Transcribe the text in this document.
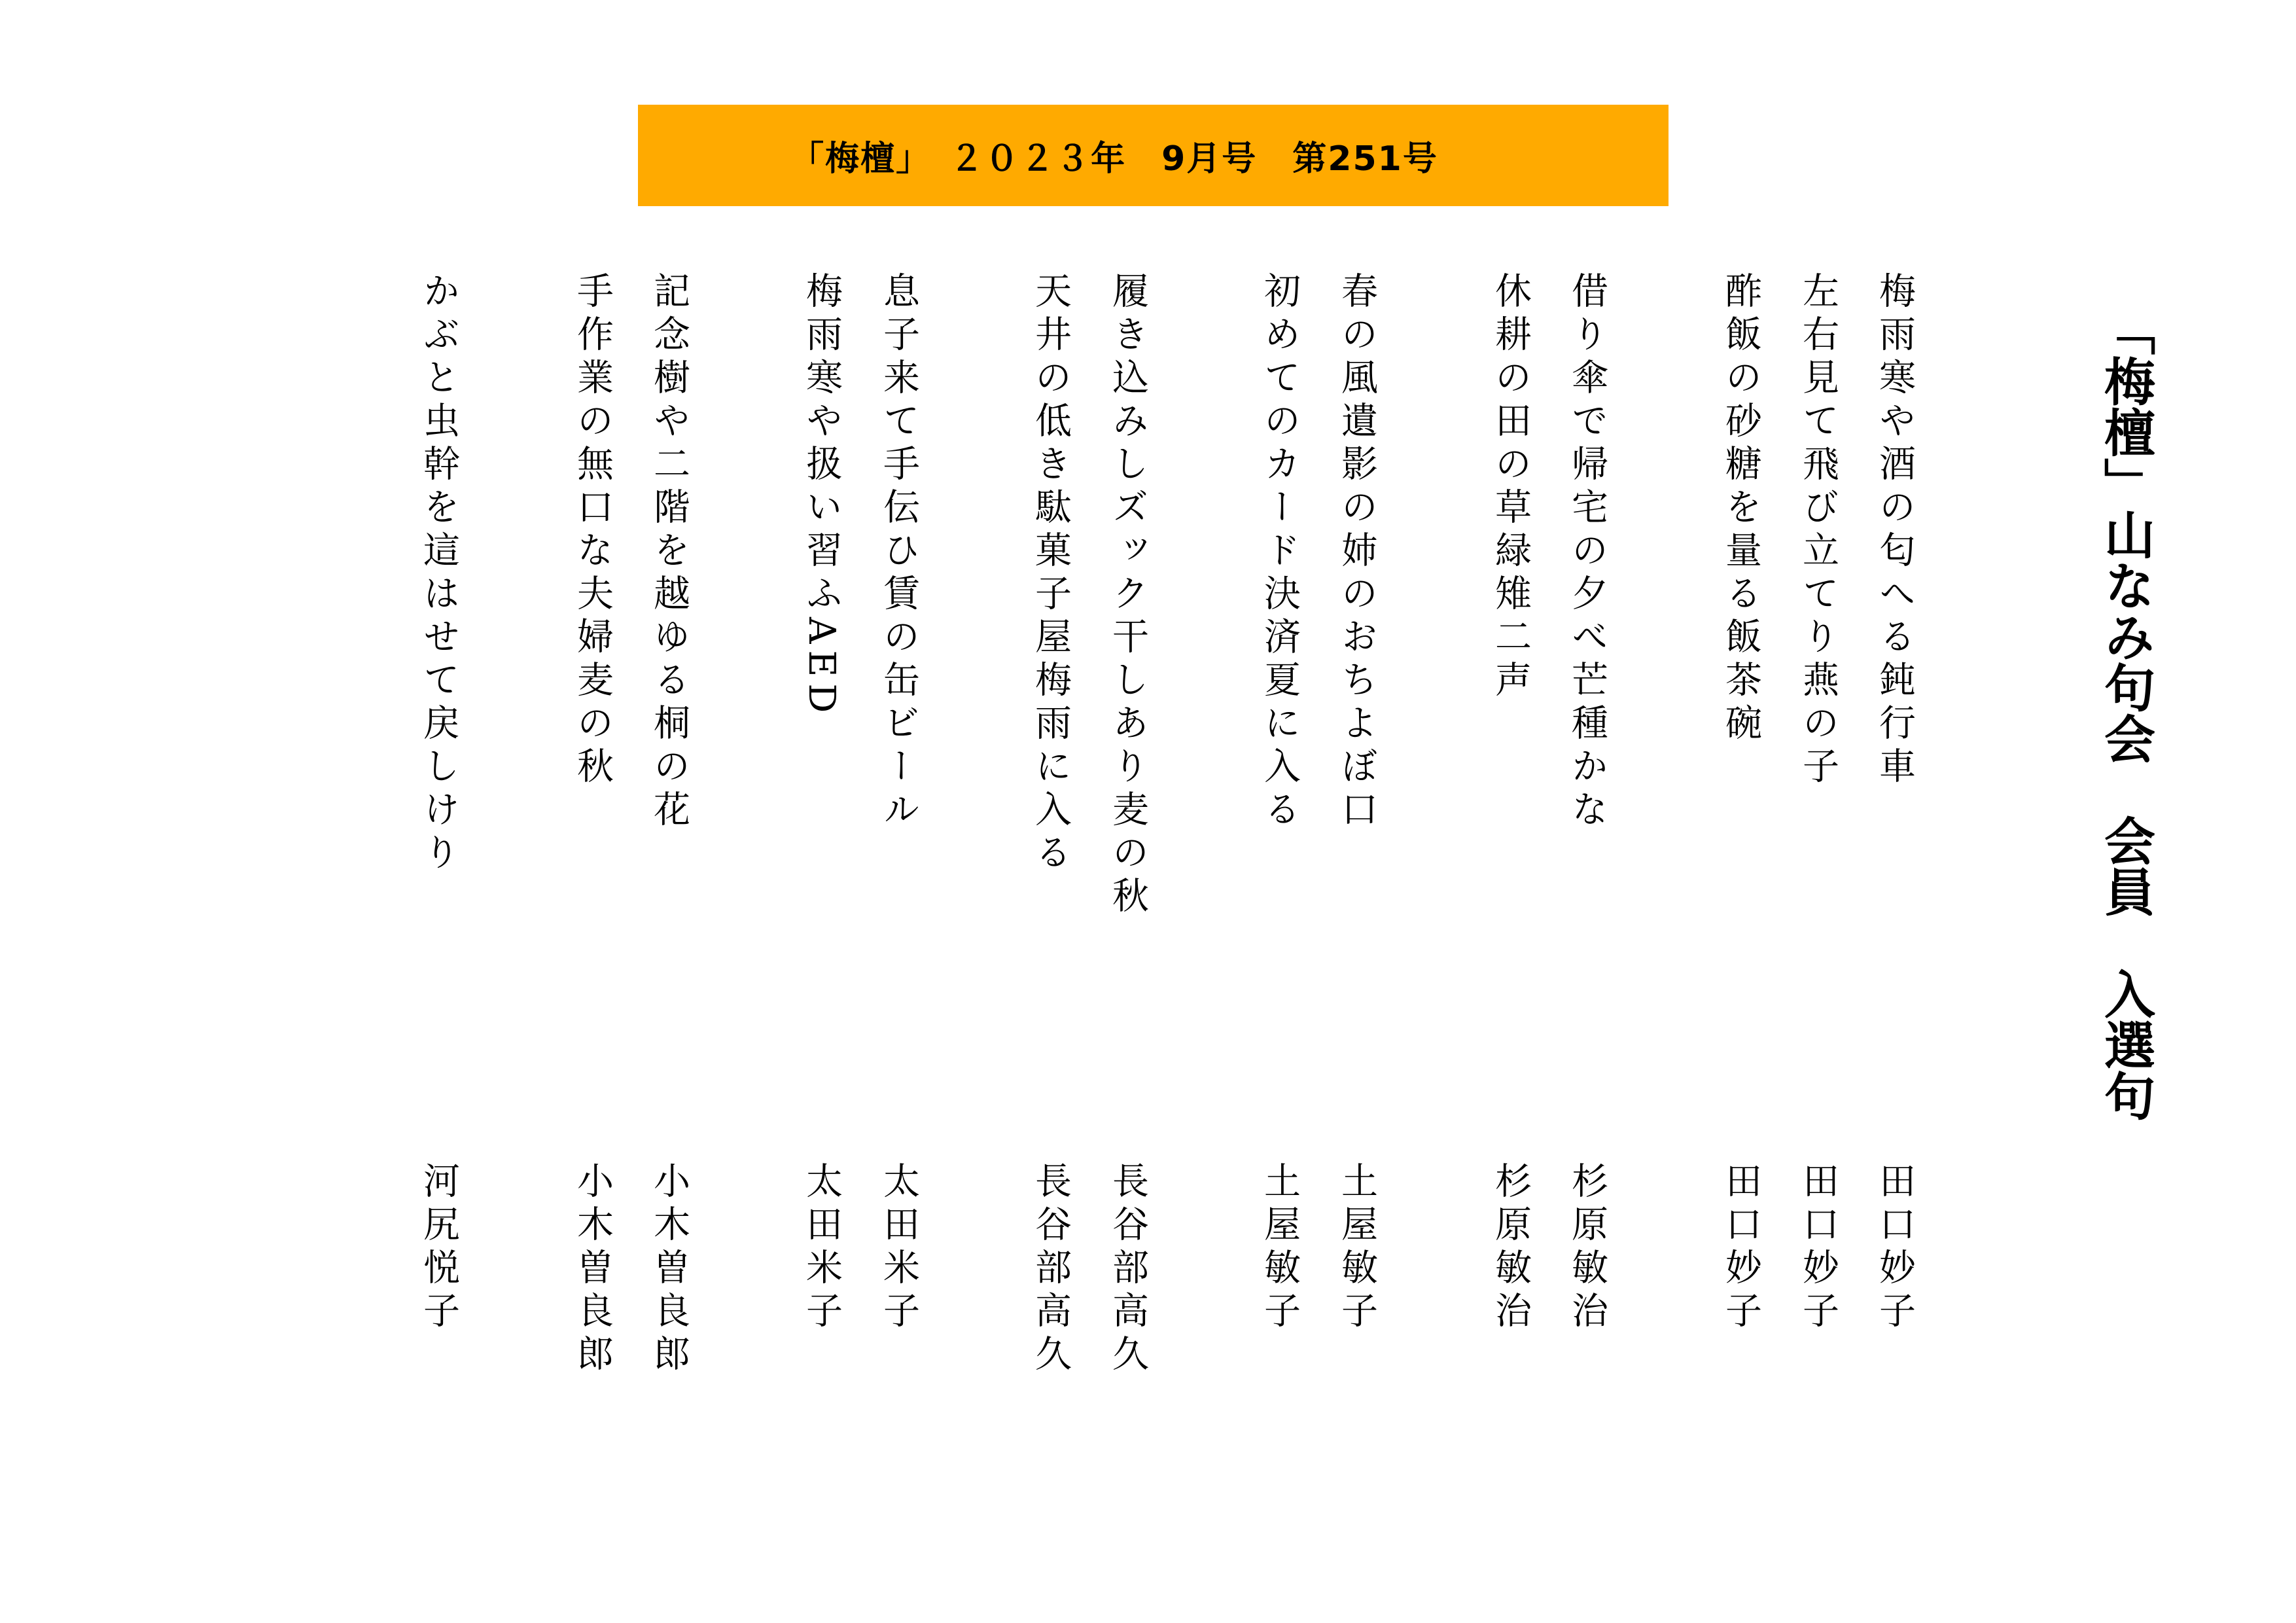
「梅檀」　２０２３年　9月号　第251号
「梅檀」山なみ句会　会員　入選句
梅雨寒や酒の匂へる鈍行車
田口妙子
左右見て飛び立てり燕の子
田口妙子
酢飯の砂糖を量る飯茶碗
田口妙子
借り傘で帰宅の夕べ芒種かな
杉原敏治
休耕の田の草緑雉二声
杉原敏治
春の風遺影の姉のおちよぼ口
土屋敏子
初めてのカード決済夏に入る
土屋敏子
履き込みしズック干しあり麦の秋
長谷部高久
天井の低き駄菓子屋梅雨に入る
長谷部高久
息子来て手伝ひ賃の缶ビール
太田米子
梅雨寒や扱い習ふAED
太田米子
記念樹や二階を越ゆる桐の花
小木曽良郎
手作業の無口な夫婦麦の秋
小木曽良郎
かぶと虫幹を這はせて戻しけり
河尻悦子
